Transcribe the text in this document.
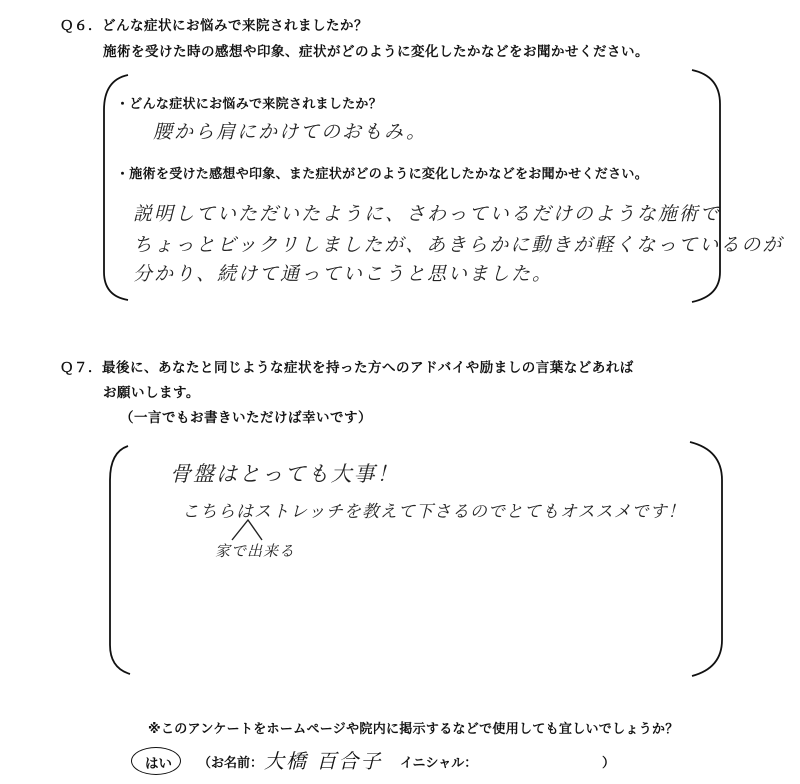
Ｑ６．どんな症状にお悩みで来院されましたか？
施術を受けた時の感想や印象、症状がどのように変化したかなどをお聞かせください。
・どんな症状にお悩みで来院されましたか？
腰から肩にかけてのおもみ。
・施術を受けた感想や印象、また症状がどのように変化したかなどをお聞かせください。
説明していただいたように、さわっているだけのような施術で
ちょっとビックリしましたが、あきらかに動きが軽くなっているのが
分かり、続けて通っていこうと思いました。
Ｑ７．最後に、あなたと同じような症状を持った方へのアドバイや励ましの言葉などあれば
お願いします。
（一言でもお書きいただけば幸いです）
骨盤はとっても大事！
こちらはストレッチを教えて下さるのでとてもオススメです！
家で出来る
※このアンケートをホームページや院内に掲示するなどで使用しても宜しいでしょうか？
はい （お名前： 大橋 百合子 イニシャル：	）
